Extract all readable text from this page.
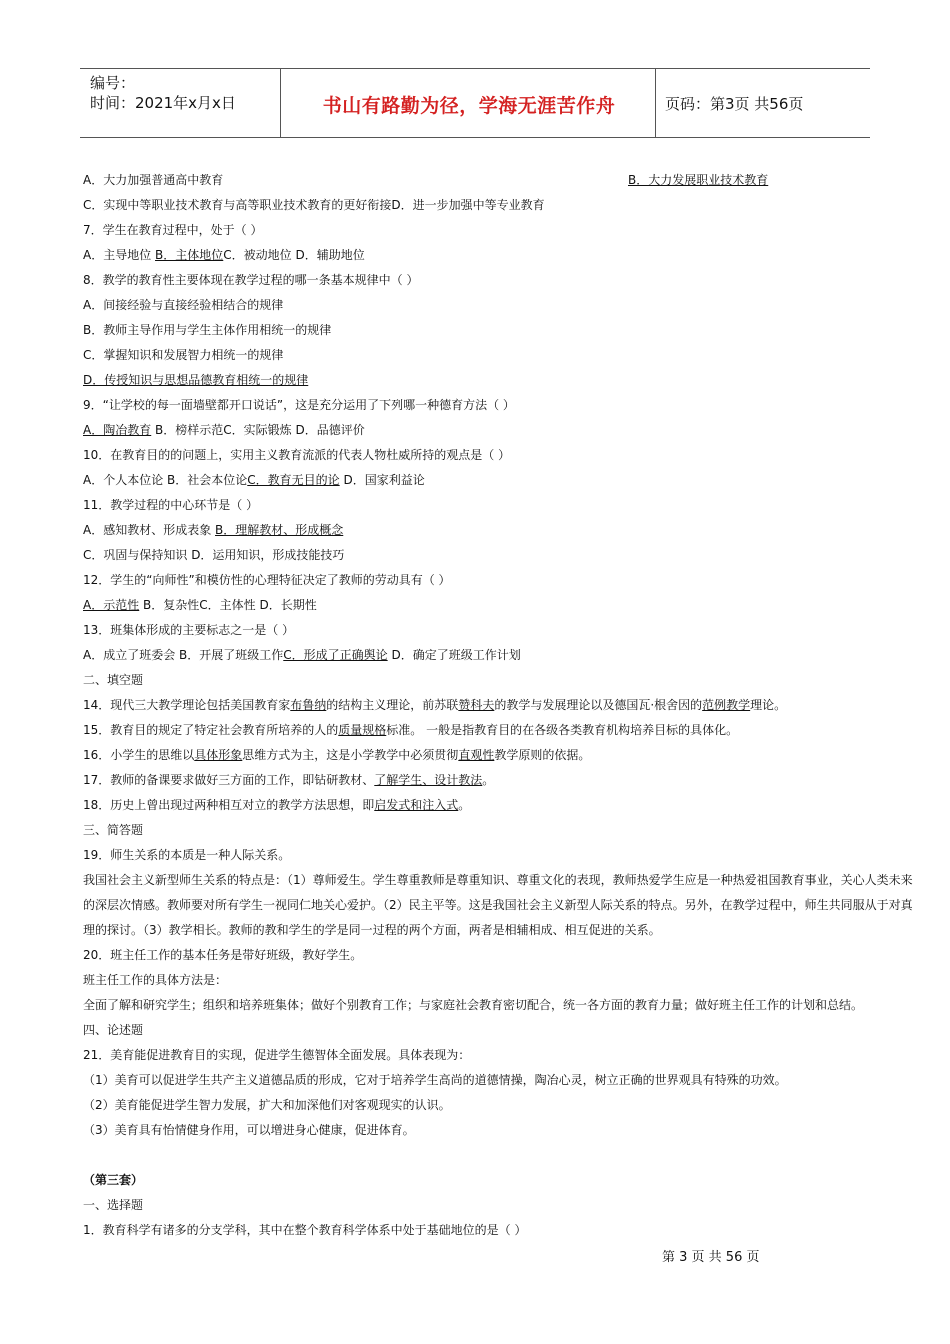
编号：
时间：2021年x月x日	书山有路勤为径，学海无涯苦作舟	页码：第3页 共56页
A．大力加强普通高中教育	B．大力发展职业技术教育
C．实现中等职业技术教育与高等职业技术教育的更好衔接D．进一步加强中等专业教育
7．学生在教育过程中，处于（ ）
A．主导地位 B．主体地位C．被动地位 D．辅助地位
8．教学的教育性主要体现在教学过程的哪一条基本规律中（ ）
A．间接经验与直接经验相结合的规律
B．教师主导作用与学生主体作用相统一的规律
C．掌握知识和发展智力相统一的规律
D．传授知识与思想品德教育相统一的规律
9．“让学校的每一面墙壁都开口说话”，这是充分运用了下列哪一种德育方法（ ）
A．陶冶教育 B．榜样示范C．实际锻炼 D．品德评价
10．在教育目的的问题上，实用主义教育流派的代表人物杜威所持的观点是（ ）
A．个人本位论 B．社会本位论C．教育无目的论 D．国家利益论
11．教学过程的中心环节是（ ）
A．感知教材、形成表象 B．理解教材、形成概念
C．巩固与保持知识 D．运用知识，形成技能技巧
12．学生的“向师性”和模仿性的心理特征决定了教师的劳动具有（ ）
A．示范性 B．复杂性C．主体性 D．长期性
13．班集体形成的主要标志之一是（ ）
A．成立了班委会 B．开展了班级工作C．形成了正确舆论 D．确定了班级工作计划
二、填空题
14．现代三大教学理论包括美国教育家布鲁纳的结构主义理论，前苏联赞科夫的教学与发展理论以及德国瓦·根舍因的范例教学理论。
15．教育目的规定了特定社会教育所培养的人的质量规格标准。 一般是指教育目的在各级各类教育机构培养目标的具体化。
16．小学生的思维以具体形象思维方式为主，这是小学教学中必须贯彻直观性教学原则的依据。
17．教师的备课要求做好三方面的工作，即钻研教材、了解学生、设计教法。
18．历史上曾出现过两种相互对立的教学方法思想，即启发式和注入式。
三、简答题
19．师生关系的本质是一种人际关系。
我国社会主义新型师生关系的特点是：（1）尊师爱生。学生尊重教师是尊重知识、尊重文化的表现，教师热爱学生应是一种热爱祖国教育事业，关心人类未来的深层次情感。教师要对所有学生一视同仁地关心爱护。（2）民主平等。这是我国社会主义新型人际关系的特点。另外，在教学过程中，师生共同服从于对真理的探讨。（3）教学相长。教师的教和学生的学是同一过程的两个方面，两者是相辅相成、相互促进的关系。
20．班主任工作的基本任务是带好班级，教好学生。
班主任工作的具体方法是：
全面了解和研究学生；组织和培养班集体；做好个别教育工作；与家庭社会教育密切配合，统一各方面的教育力量；做好班主任工作的计划和总结。
四、论述题
21．美育能促进教育目的实现，促进学生德智体全面发展。具体表现为：
（1）美育可以促进学生共产主义道德品质的形成，它对于培养学生高尚的道德情操，陶冶心灵，树立正确的世界观具有特殊的功效。
（2）美育能促进学生智力发展，扩大和加深他们对客观现实的认识。
（3）美育具有怡情健身作用，可以增进身心健康，促进体育。
（第三套）
一、选择题
1．教育科学有诸多的分支学科，其中在整个教育科学体系中处于基础地位的是（ ）
第 3 页 共 56 页
